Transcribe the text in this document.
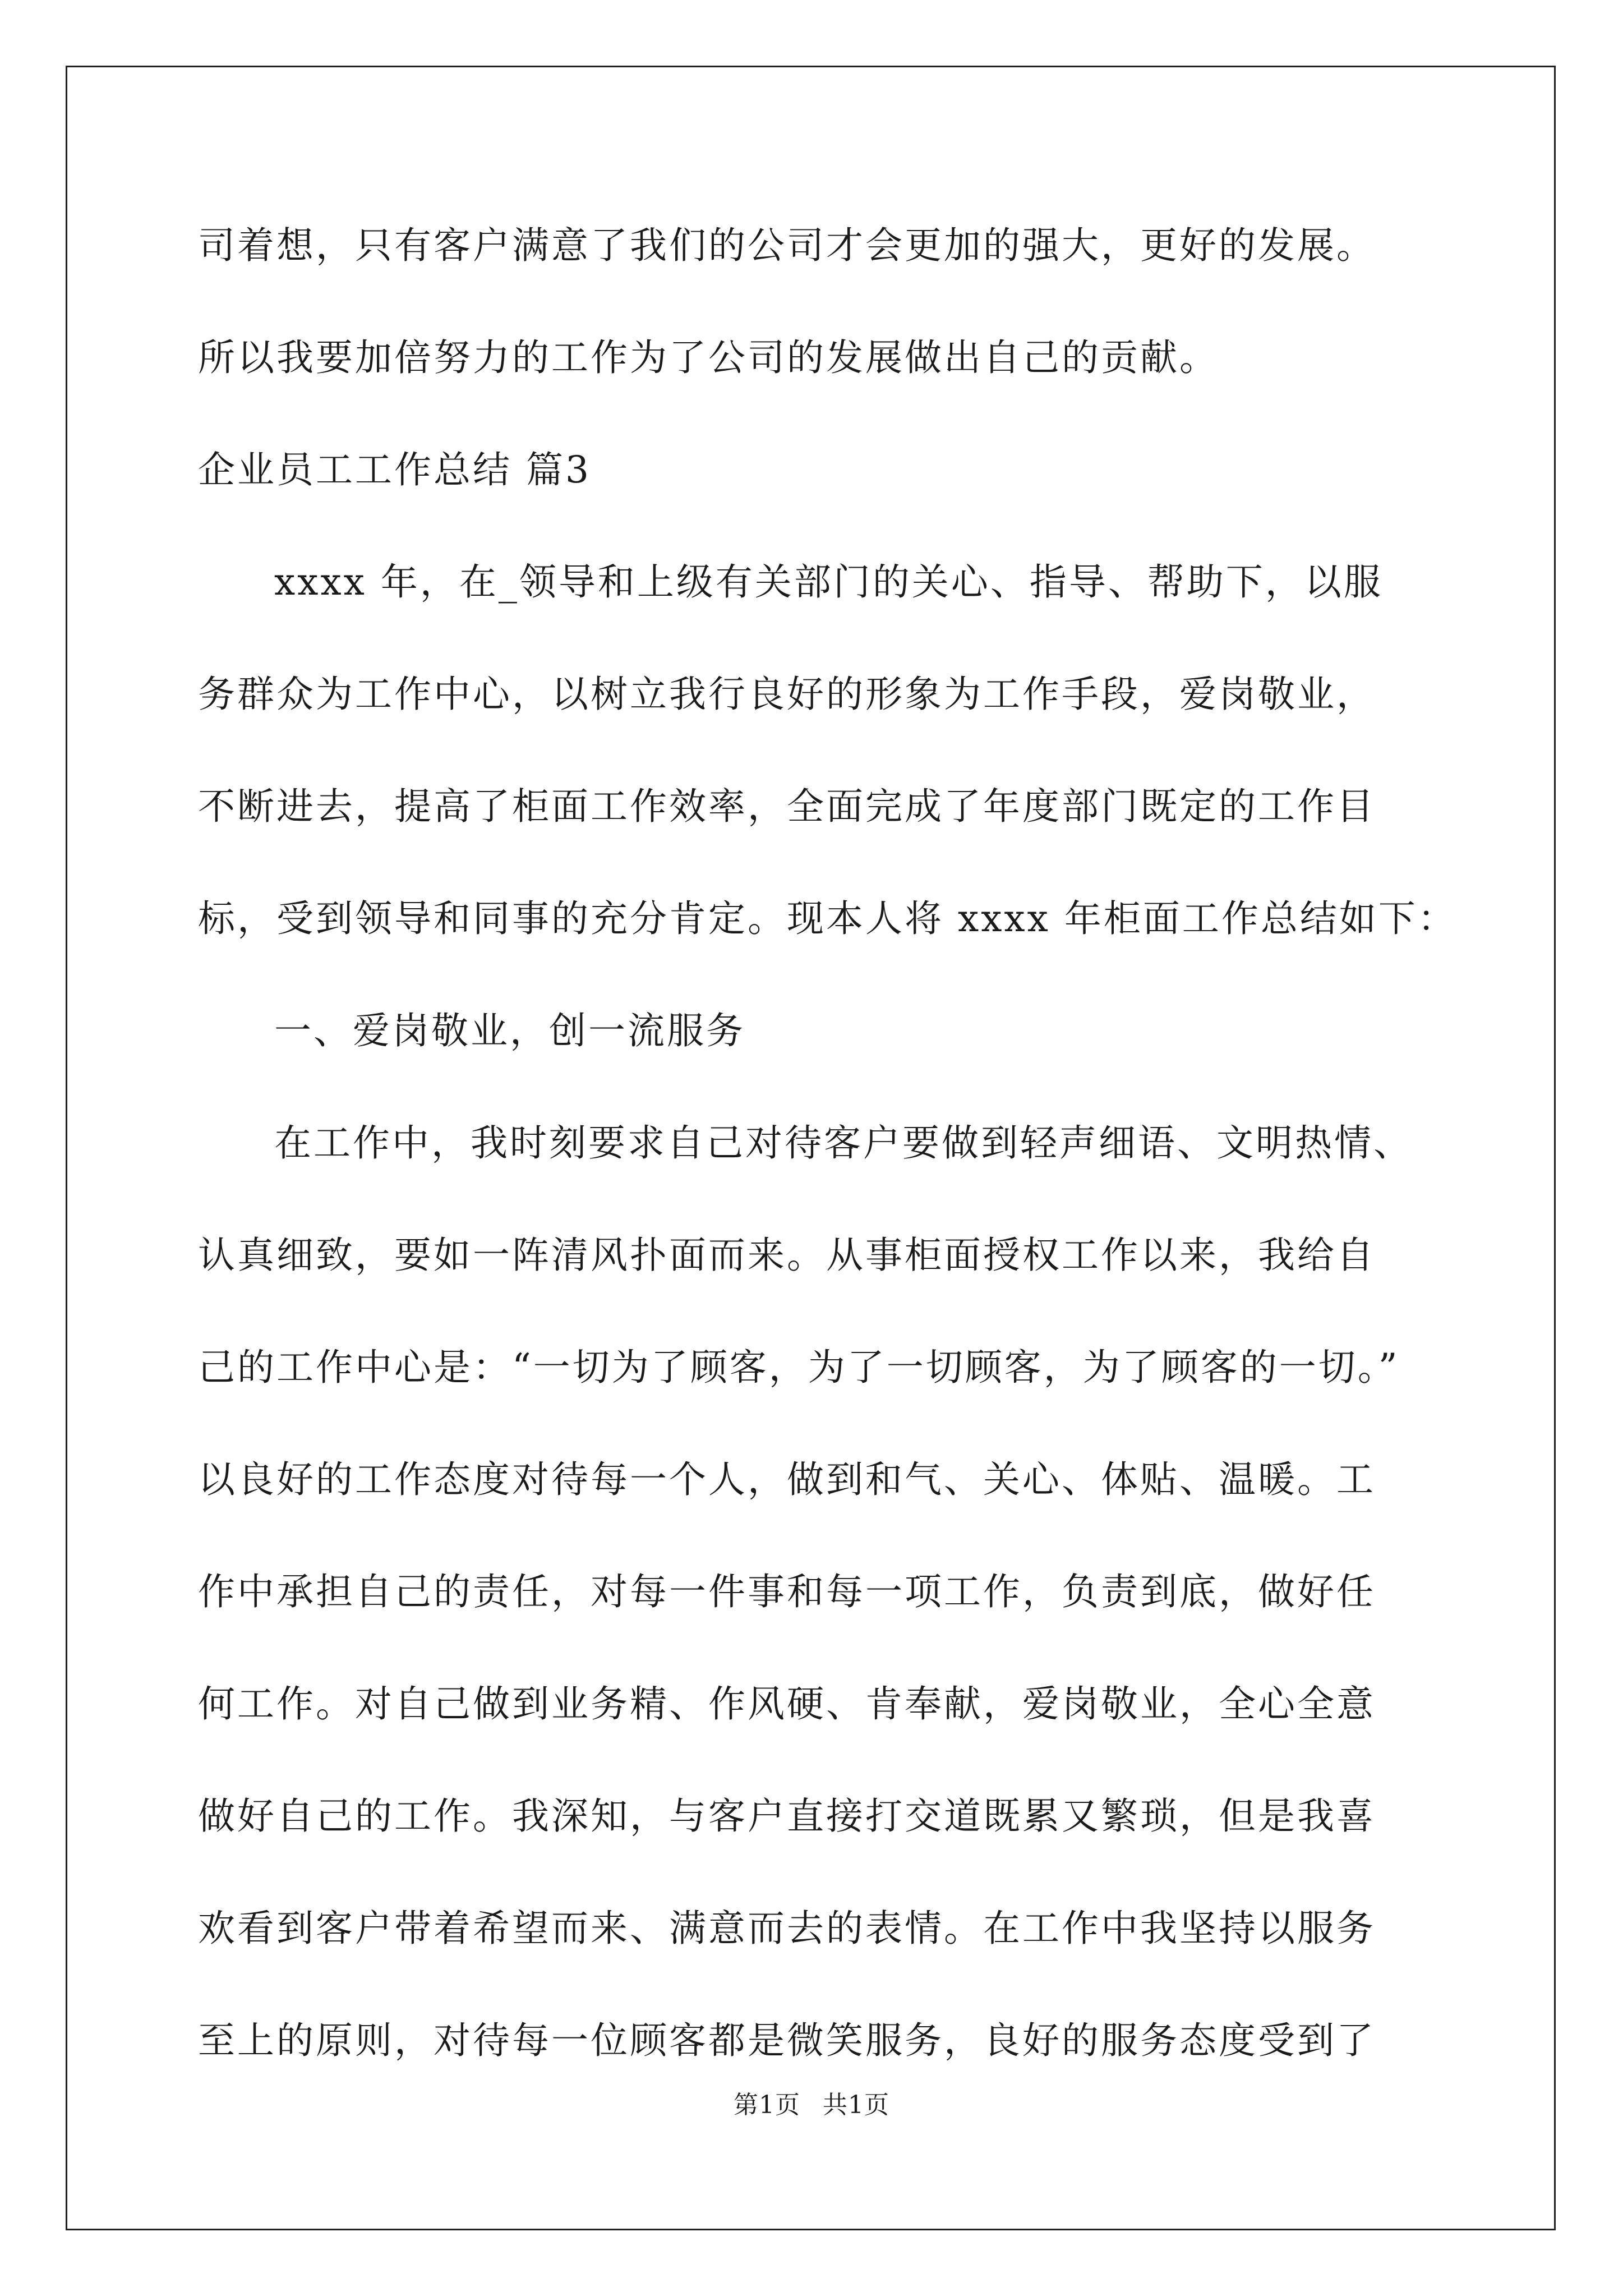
司着想，只有客户满意了我们的公司才会更加的强大，更好的发展。

所以我要加倍努力的工作为了公司的发展做出自己的贡献。

企业员工工作总结 篇3

xxxx 年，在_领导和上级有关部门的关心、指导、帮助下，以服

务群众为工作中心，以树立我行良好的形象为工作手段，爱岗敬业，

不断进去，提高了柜面工作效率，全面完成了年度部门既定的工作目

标，受到领导和同事的充分肯定。现本人将 xxxx 年柜面工作总结如下：

一、爱岗敬业，创一流服务

在工作中，我时刻要求自己对待客户要做到轻声细语、文明热情、

认真细致，要如一阵清风扑面而来。从事柜面授权工作以来，我给自

己的工作中心是：“一切为了顾客，为了一切顾客，为了顾客的一切。”

以良好的工作态度对待每一个人，做到和气、关心、体贴、温暖。工

作中承担自己的责任，对每一件事和每一项工作，负责到底，做好任

何工作。对自己做到业务精、作风硬、肯奉献，爱岗敬业，全心全意

做好自己的工作。我深知，与客户直接打交道既累又繁琐，但是我喜

欢看到客户带着希望而来、满意而去的表情。在工作中我坚持以服务

至上的原则，对待每一位顾客都是微笑服务，良好的服务态度受到了

第1页 共1页
